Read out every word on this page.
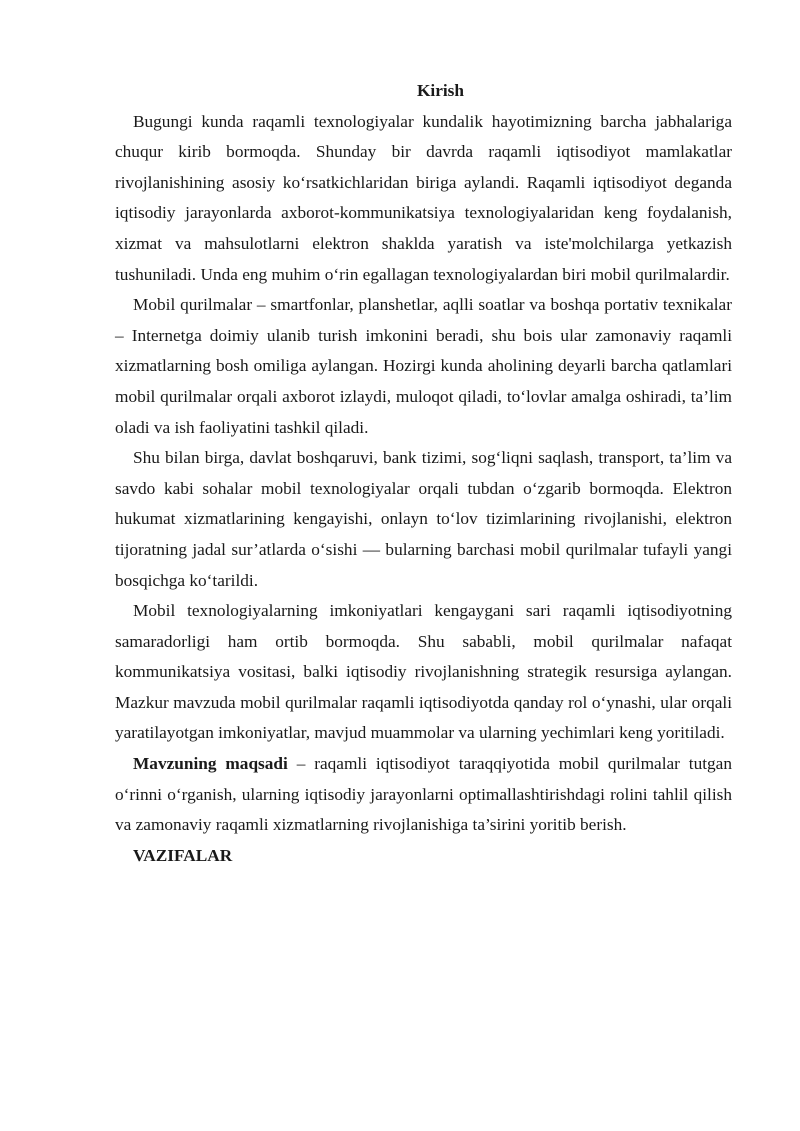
Kirish

Bugungi kunda raqamli texnologiyalar kundalik hayotimizning barcha jabhalariga chuqur kirib bormoqda. Shunday bir davrda raqamli iqtisodiyot mamlakatlar rivojlanishining asosiy koʻrsatkichlaridan biriga aylandi. Raqamli iqtisodiyot deganda iqtisodiy jarayonlarda axborot-kommunikatsiya texnologiyalaridan keng foydalanish, xizmat va mahsulotlarni elektron shaklda yaratish va iste'molchilarga yetkazish tushuniladi. Unda eng muhim oʻrin egallagan texnologiyalardan biri mobil qurilmalardir.

Mobil qurilmalar – smartfonlar, planshetlar, aqlli soatlar va boshqa portativ texnikalar – Internetga doimiy ulanib turish imkonini beradi, shu bois ular zamonaviy raqamli xizmatlarning bosh omiliga aylangan. Hozirgi kunda aholining deyarli barcha qatlamlari mobil qurilmalar orqali axborot izlaydi, muloqot qiladi, toʻlovlar amalga oshiradi, ta’lim oladi va ish faoliyatini tashkil qiladi.

Shu bilan birga, davlat boshqaruvi, bank tizimi, sogʻliqni saqlash, transport, ta’lim va savdo kabi sohalar mobil texnologiyalar orqali tubdan oʻzgarib bormoqda. Elektron hukumat xizmatlarining kengayishi, onlayn toʻlov tizimlarining rivojlanishi, elektron tijoratning jadal sur’atlarda oʻsishi — bularning barchasi mobil qurilmalar tufayli yangi bosqichga koʻtarildi.

Mobil texnologiyalarning imkoniyatlari kengaygani sari raqamli iqtisodiyotning samaradorligi ham ortib bormoqda. Shu sababli, mobil qurilmalar nafaqat kommunikatsiya vositasi, balki iqtisodiy rivojlanishning strategik resursiga aylangan. Mazkur mavzuda mobil qurilmalar raqamli iqtisodiyotda qanday rol oʻynashi, ular orqali yaratilayotgan imkoniyatlar, mavjud muammolar va ularning yechimlari keng yoritiladi.

Mavzuning maqsadi – raqamli iqtisodiyot taraqqiyotida mobil qurilmalar tutgan oʻrinni oʻrganish, ularning iqtisodiy jarayonlarni optimallashtirishdagi rolini tahlil qilish va zamonaviy raqamli xizmatlarning rivojlanishiga ta’sirini yoritib berish.

VAZIFALAR
